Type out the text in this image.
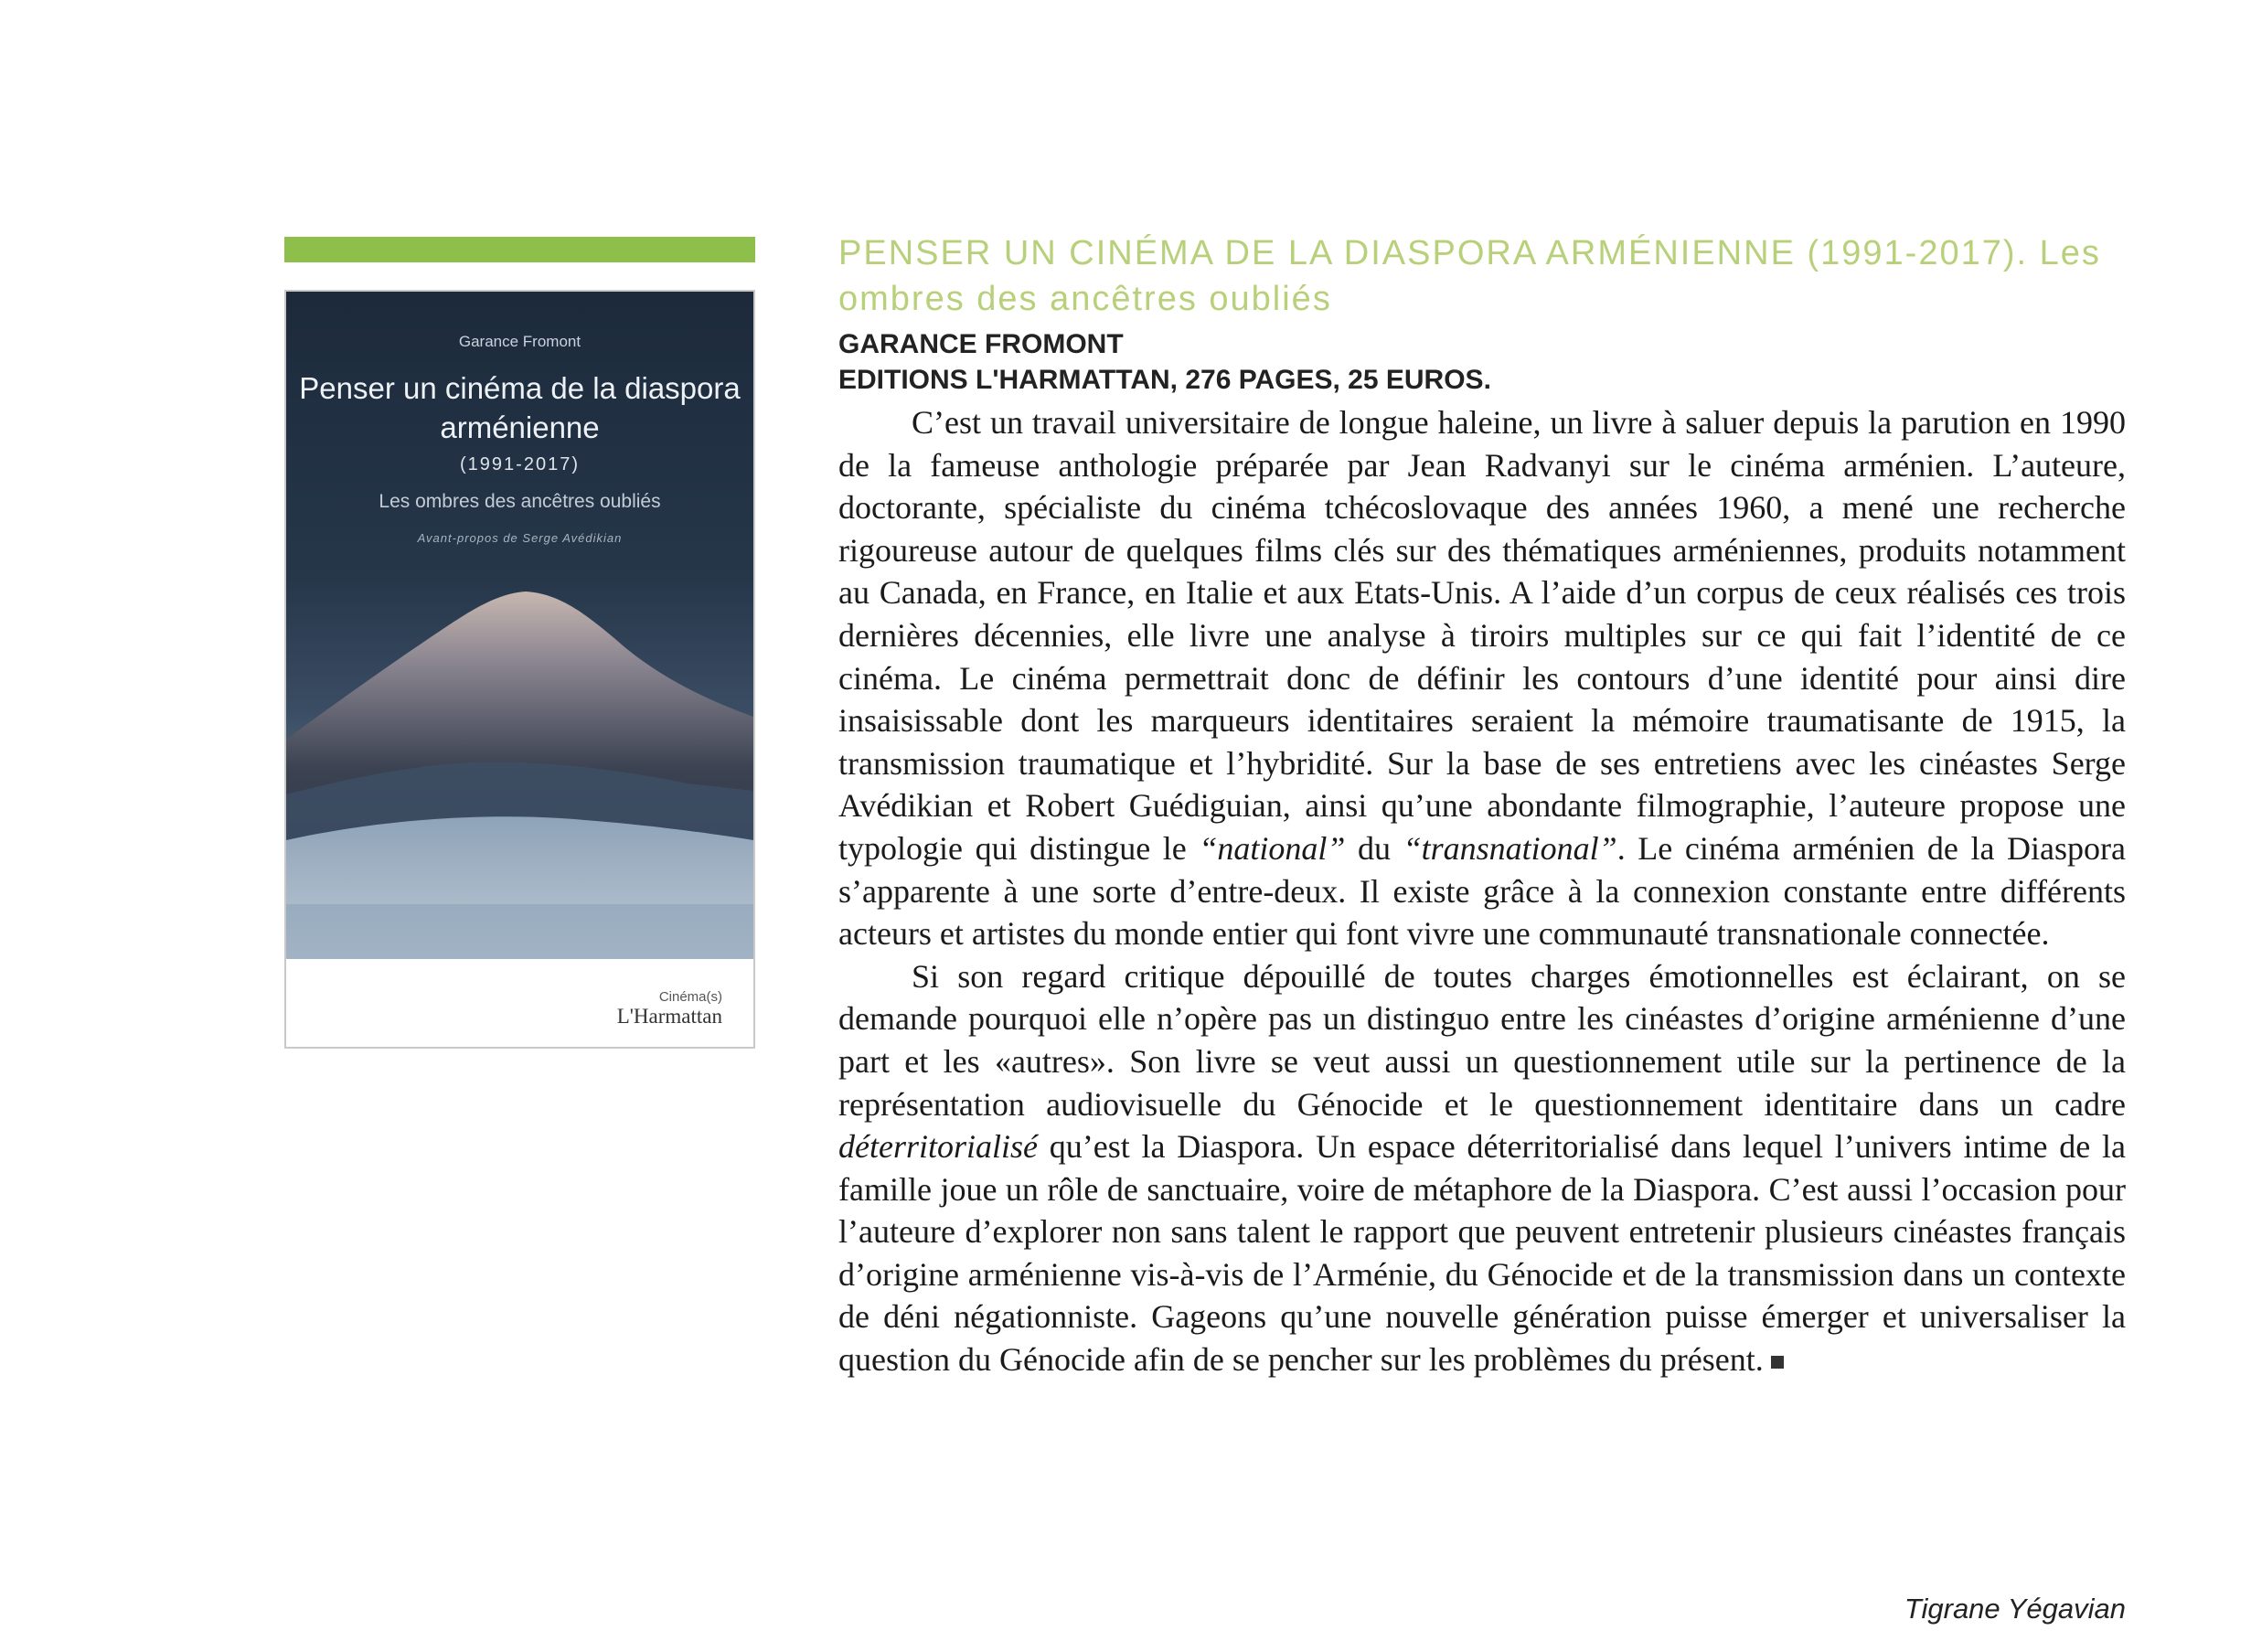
Garance Fromont
Penser un cinéma de la diaspora arménienne
(1991-2017)
Les ombres des ancêtres oubliés
Avant-propos de Serge Avédikian
Cinéma(s)
L'Harmattan
PENSER UN CINÉMA DE LA DIASPORA ARMÉNIENNE (1991-2017). Les ombres des ancêtres oubliés
GARANCE FROMONT
EDITIONS L'HARMATTAN, 276 PAGES, 25 EUROS.

C’est un travail universitaire de longue haleine, un livre à saluer depuis la parution en 1990 de la fameuse anthologie préparée par Jean Radvanyi sur le cinéma arménien. L’auteure, doctorante, spécialiste du cinéma tchécoslovaque des années 1960, a mené une recherche rigoureuse autour de quelques films clés sur des thématiques arméniennes, produits notamment au Canada, en France, en Italie et aux Etats-Unis. A l’aide d’un corpus de ceux réalisés ces trois dernières décennies, elle livre une analyse à tiroirs multiples sur ce qui fait l’identité de ce cinéma. Le cinéma permettrait donc de définir les contours d’une identité pour ainsi dire insaisissable dont les marqueurs identitaires seraient la mémoire traumatisante de 1915, la transmission traumatique et l’hybridité. Sur la base de ses entretiens avec les cinéastes Serge Avédikian et Robert Guédiguian, ainsi qu’une abondante filmographie, l’auteure propose une typologie qui distingue le “national” du “transnational”. Le cinéma arménien de la Diaspora s’apparente à une sorte d’entre-deux. Il existe grâce à la connexion constante entre différents acteurs et artistes du monde entier qui font vivre une communauté transnationale connectée.

Si son regard critique dépouillé de toutes charges émotionnelles est éclairant, on se demande pourquoi elle n’opère pas un distinguo entre les cinéastes d’origine arménienne d’une part et les «autres». Son livre se veut aussi un questionnement utile sur la pertinence de la représentation audiovisuelle du Génocide et le questionnement identitaire dans un cadre déterritorialisé qu’est la Diaspora. Un espace déterritorialisé dans lequel l’univers intime de la famille joue un rôle de sanctuaire, voire de métaphore de la Diaspora. C’est aussi l’occasion pour l’auteure d’explorer non sans talent le rapport que peuvent entretenir plusieurs cinéastes français d’origine arménienne vis-à-vis de l’Arménie, du Génocide et de la transmission dans un contexte de déni négationniste. Gageons qu’une nouvelle génération puisse émerger et universaliser la question du Génocide afin de se pencher sur les problèmes du présent.

Tigrane Yégavian
